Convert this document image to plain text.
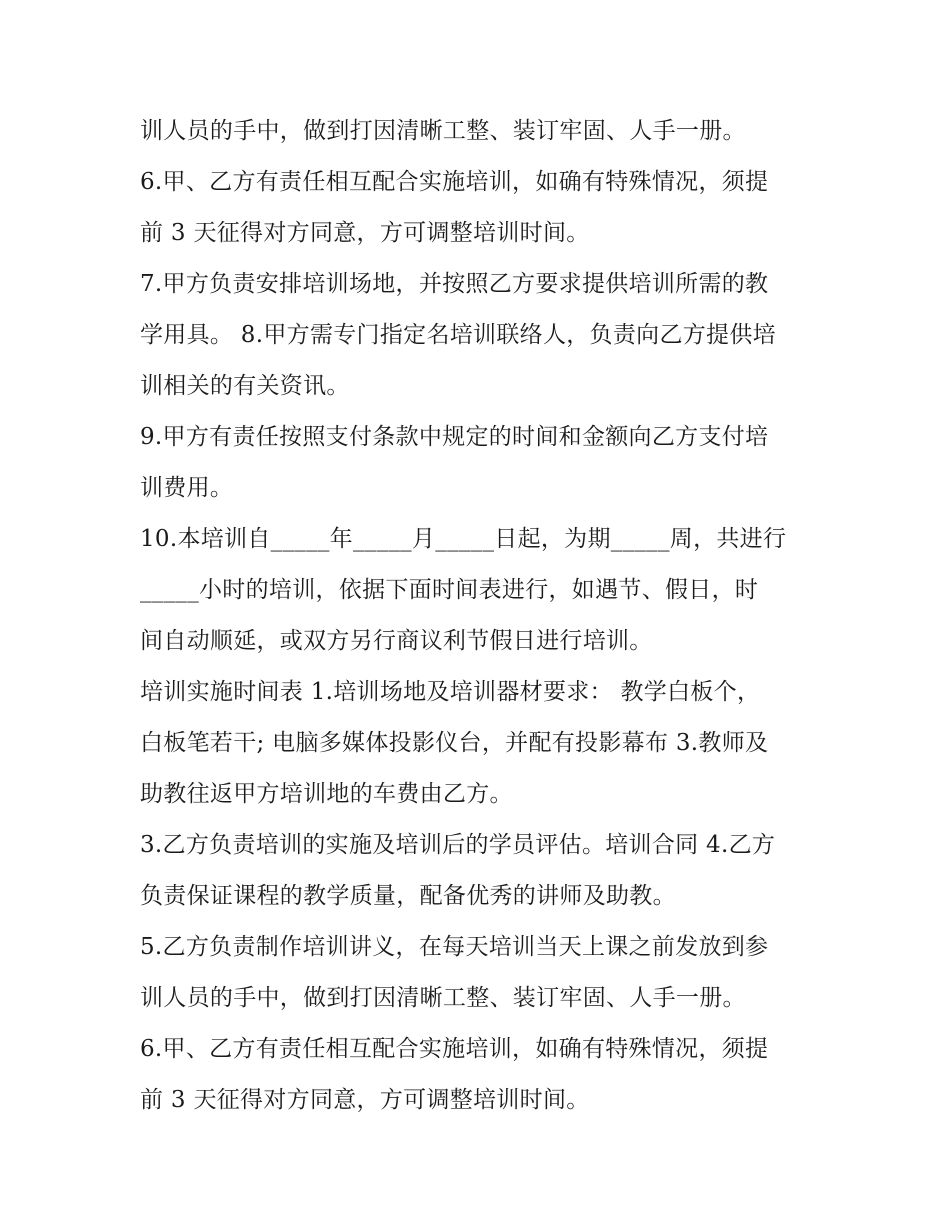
训人员的手中，做到打因清晰工整、装订牢固、人手一册。
6.甲、乙方有责任相互配合实施培训，如确有特殊情况，须提
前 3 天征得对方同意，方可调整培训时间。
7.甲方负责安排培训场地，并按照乙方要求提供培训所需的教
学用具。 8.甲方需专门指定名培训联络人，负责向乙方提供培
训相关的有关资讯。
9.甲方有责任按照支付条款中规定的时间和金额向乙方支付培
训费用。
10.本培训自_____年_____月_____日起，为期_____周，共进行
_____小时的培训，依据下面时间表进行，如遇节、假日，时
间自动顺延，或双方另行商议利节假日进行培训。
培训实施时间表 1.培训场地及培训器材要求： 教学白板个，
白板笔若干; 电脑多媒体投影仪台，并配有投影幕布 3.教师及
助教往返甲方培训地的车费由乙方。
3.乙方负责培训的实施及培训后的学员评估。培训合同 4.乙方
负责保证课程的教学质量，配备优秀的讲师及助教。
5.乙方负责制作培训讲义，在每天培训当天上课之前发放到参
训人员的手中，做到打因清晰工整、装订牢固、人手一册。
6.甲、乙方有责任相互配合实施培训，如确有特殊情况，须提
前 3 天征得对方同意，方可调整培训时间。
